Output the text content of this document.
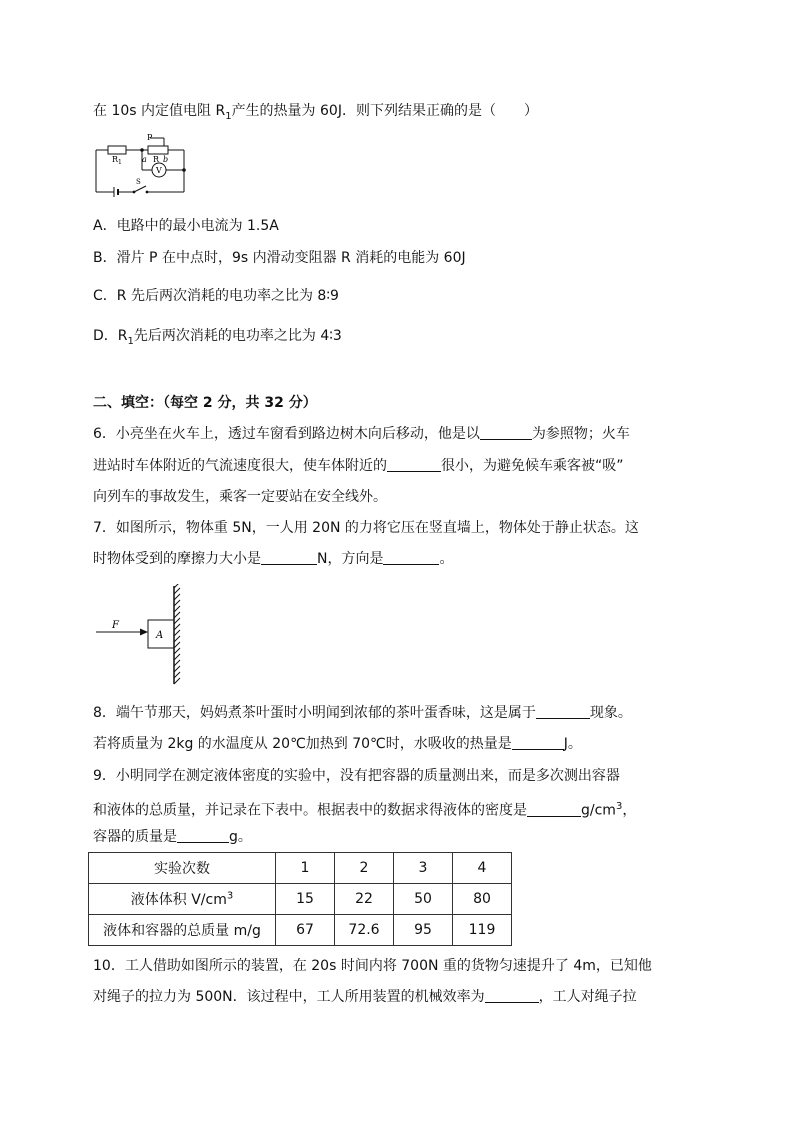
在 10s 内定值电阻 $R_1$产生的热量为 60J．则下列结果正确的是（　　）
P
$R_1$	a R b
V
S
A．电路中的最小电流为 1.5A
B．滑片 P 在中点时，9s 内滑动变阻器 R 消耗的电能为 60J
C．R 先后两次消耗的电功率之比为 8∶9
D．$R_1$先后两次消耗的电功率之比为 4∶3
二、填空：（每空 2 分，共 32 分）
6．小亮坐在火车上，透过车窗看到路边树木向后移动，他是以	为参照物；火车
进站时车体附近的气流速度很大，使车体附近的	很小，为避免候车乘客被“吸”
向列车的事故发生，乘客一定要站在安全线外。
7．如图所示，物体重 5N，一人用 20N 的力将它压在竖直墙上，物体处于静止状态。这
时物体受到的摩擦力大小是	N，方向是	。
F
A
8．端午节那天，妈妈煮茶叶蛋时小明闻到浓郁的茶叶蛋香味，这是属于	现象。
若将质量为 2kg 的水温度从 20℃加热到 70℃时，水吸收的热量是	J。
9．小明同学在测定液体密度的实验中，没有把容器的质量测出来，而是多次测出容器
和液体的总质量，并记录在下表中。根据表中的数据求得液体的密度是	$g/cm^3$，
容器的质量是	g。
实验次数	1	2	3	4
液体体积 $V/cm^3$	15	22	50	80
液体和容器的总质量 m/g	67	72.6	95	119
10．工人借助如图所示的装置，在 20s 时间内将 700N 重的货物匀速提升了 4m，已知他
对绳子的拉力为 500N．该过程中，工人所用装置的机械效率为	，工人对绳子拉
